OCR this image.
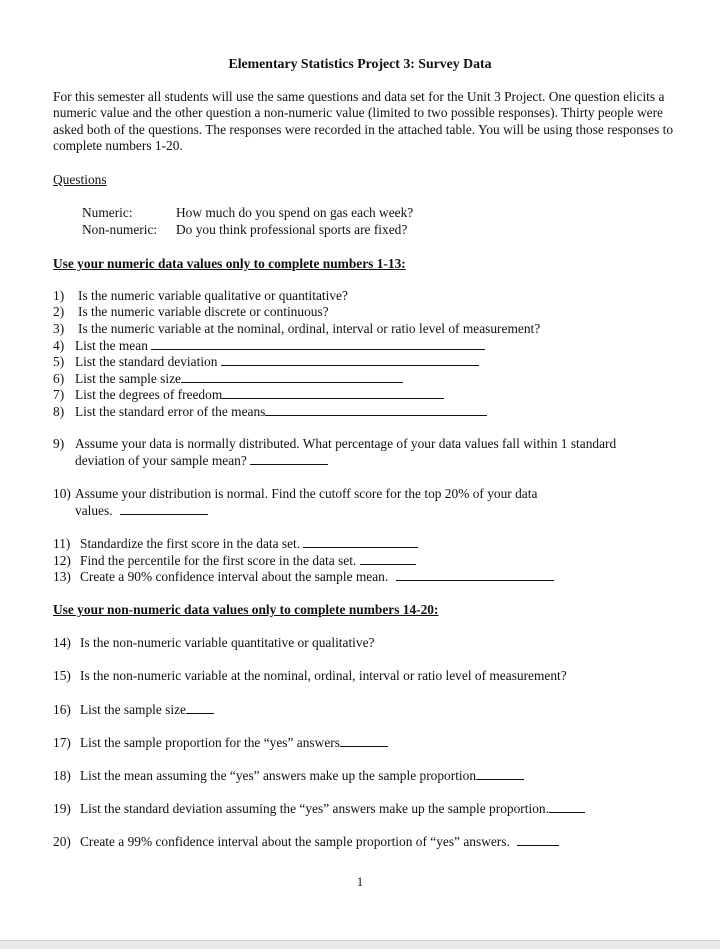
Elementary Statistics Project 3: Survey Data
For this semester all students will use the same questions and data set for the Unit 3 Project. One question elicits a numeric value and the other question a non-numeric value (limited to two possible responses). Thirty people were asked both of the questions. The responses were recorded in the attached table. You will be using those responses to complete numbers 1-20.
Questions
Numeric:	How much do you spend on gas each week?
Non-numeric: Do you think professional sports are fixed?
Use your numeric data values only to complete numbers 1-13:
1) Is the numeric variable qualitative or quantitative?
2) Is the numeric variable discrete or continuous?
3) Is the numeric variable at the nominal, ordinal, interval or ratio level of measurement?
4) List the mean
5) List the standard deviation
6) List the sample size
7) List the degrees of freedom
8) List the standard error of the means
9) Assume your data is normally distributed. What percentage of your data values fall within 1 standard
deviation of your sample mean?
10) Assume your distribution is normal. Find the cutoff score for the top 20% of your data
values.
11) Standardize the first score in the data set.
12) Find the percentile for the first score in the data set.
13) Create a 90% confidence interval about the sample mean.
Use your non-numeric data values only to complete numbers 14-20:
14) Is the non-numeric variable quantitative or qualitative?
15) Is the non-numeric variable at the nominal, ordinal, interval or ratio level of measurement?
16) List the sample size
17) List the sample proportion for the “yes” answers
18) List the mean assuming the “yes” answers make up the sample proportion
19) List the standard deviation assuming the “yes” answers make up the sample proportion.
20) Create a 99% confidence interval about the sample proportion of “yes” answers.
1
